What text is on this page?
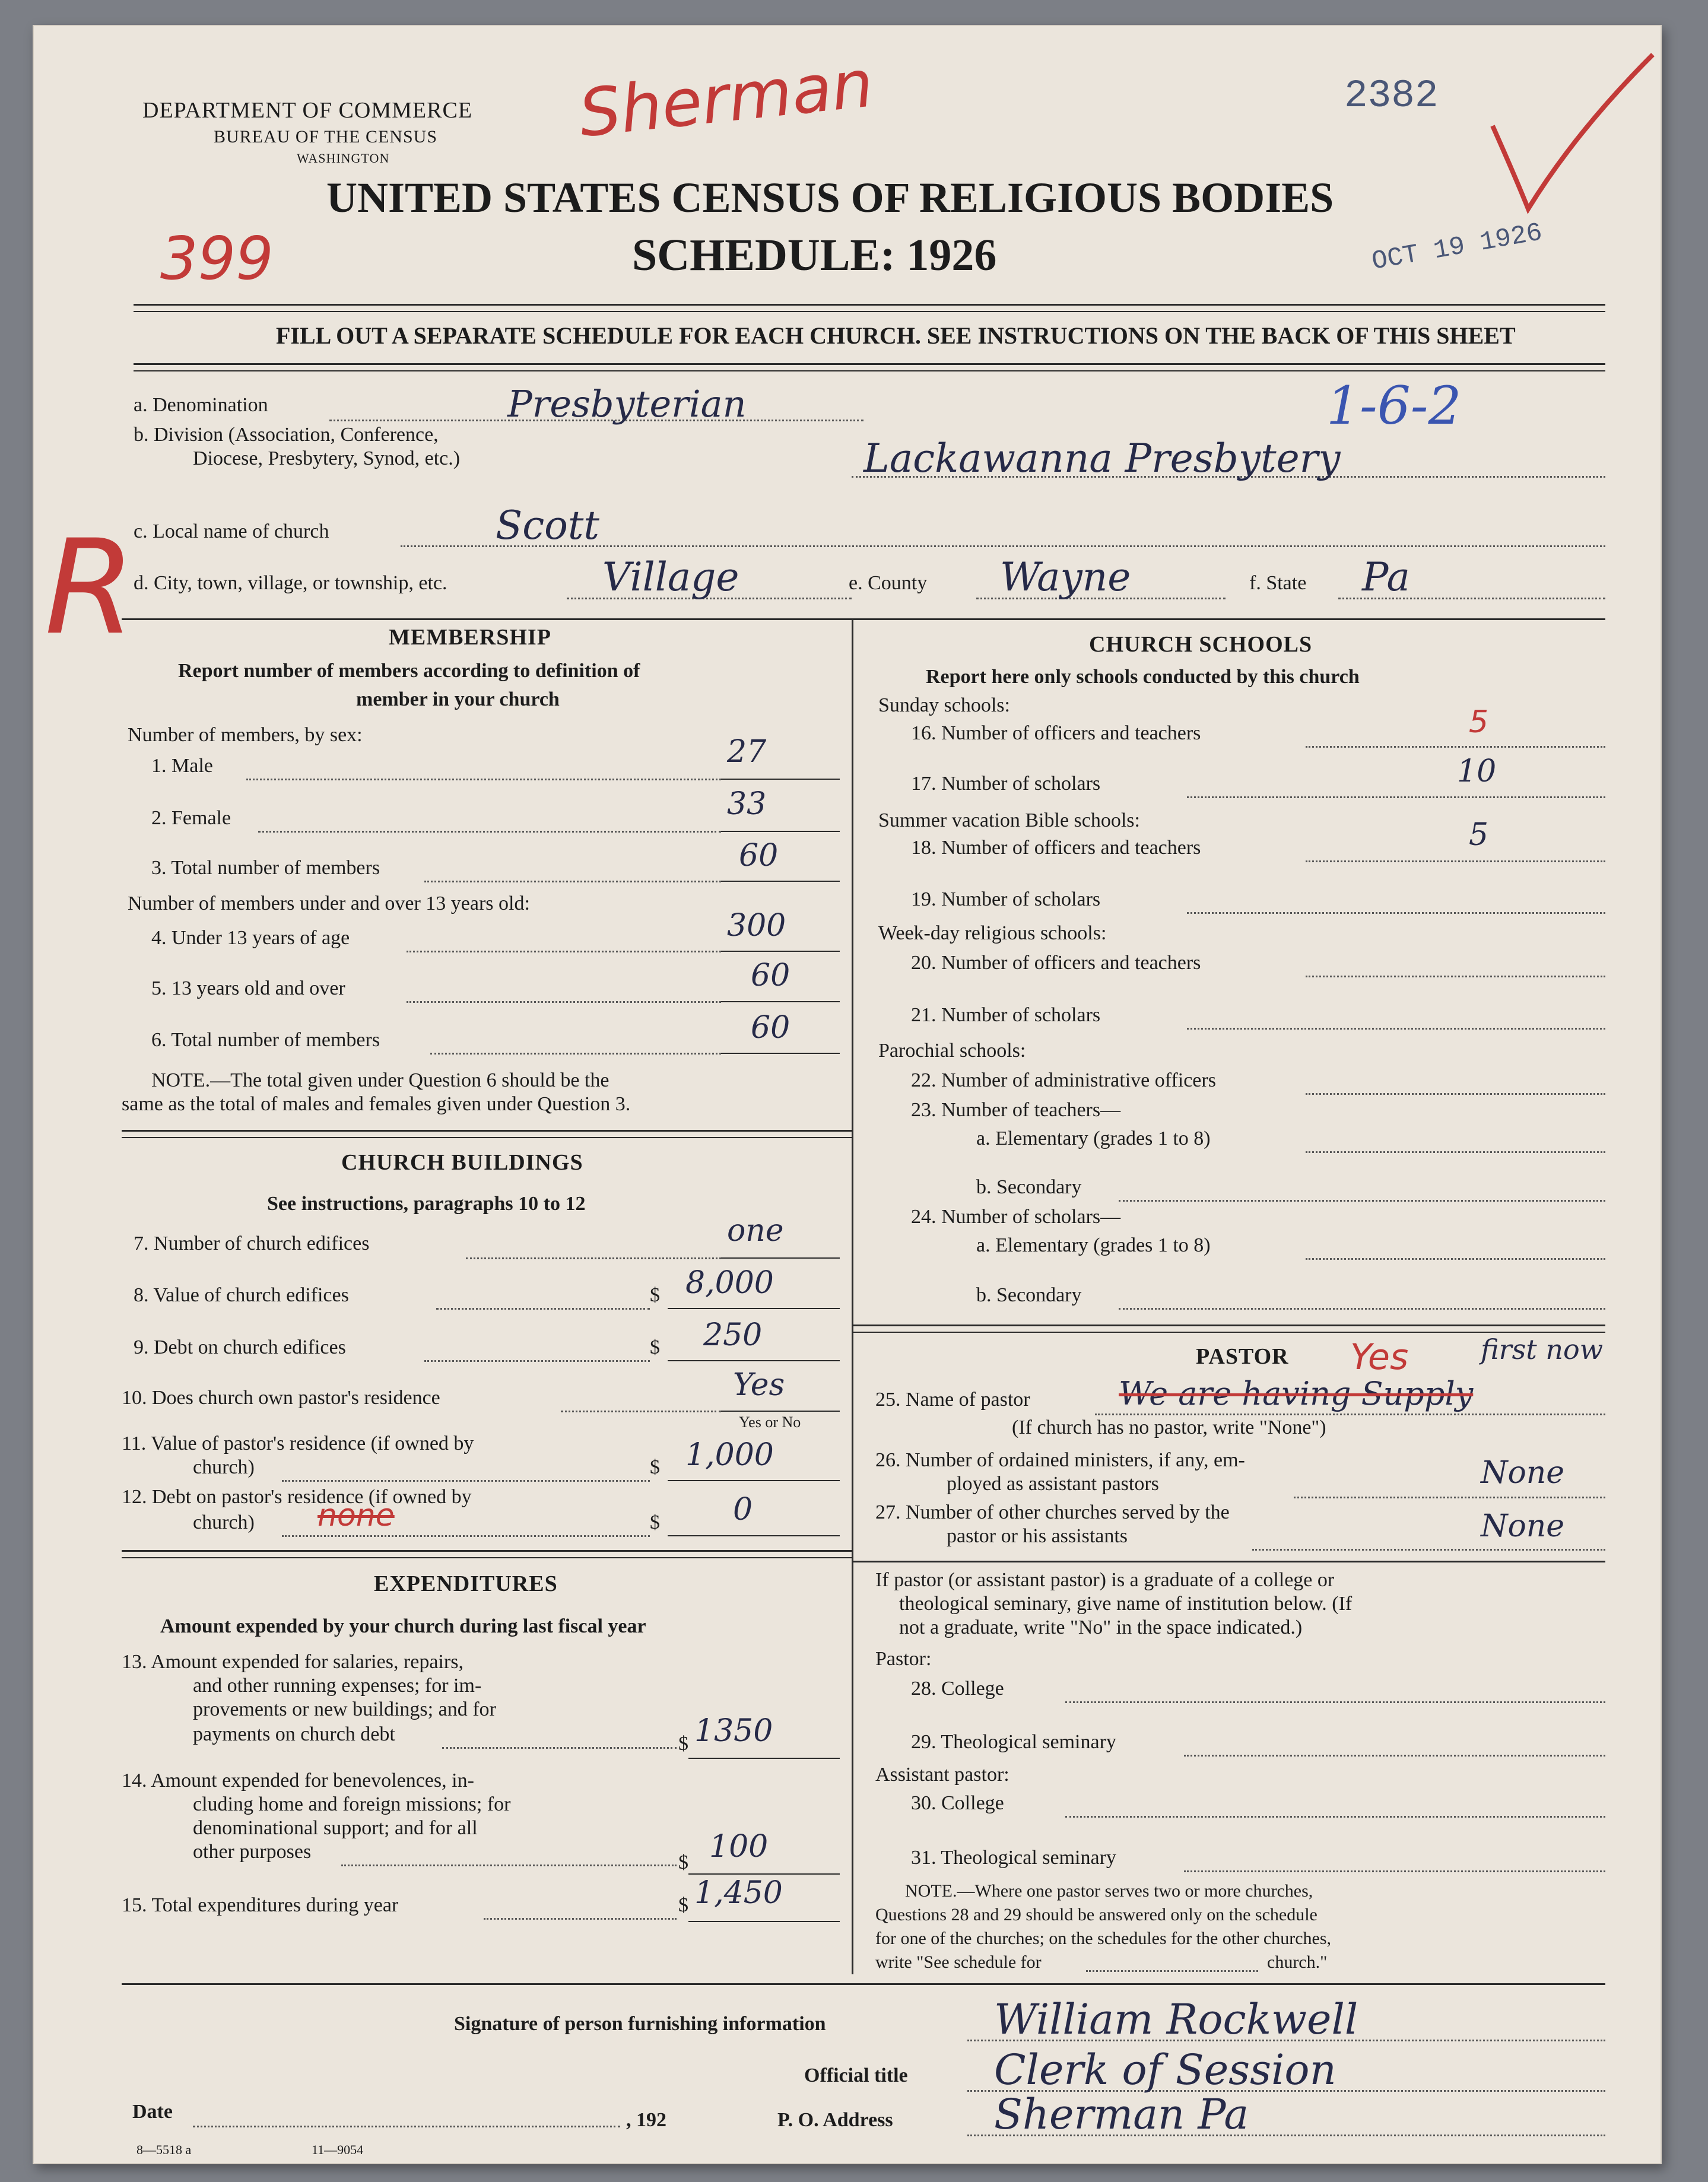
DEPARTMENT OF COMMERCE
BUREAU OF THE CENSUS
WASHINGTON
Sherman	2382
UNITED STATES CENSUS OF RELIGIOUS BODIES
SCHEDULE: 1926
399	OCT 19 1926
FILL OUT A SEPARATE SCHEDULE FOR EACH CHURCH. SEE INSTRUCTIONS ON THE BACK OF THIS SHEET
1-6-2
R
a. Denomination	Presbyterian
b. Division (Association, Conference,
Diocese, Presbytery, Synod, etc.)	Lackawanna Presbytery
c. Local name of church	Scott
d. City, town, village, or township, etc.	Village	e. County Wayne	f. State Pa
MEMBERSHIP
Report number of members according to definition of
member in your church
Number of members, by sex:
1. Male	27
2. Female	33
3. Total number of members	60
Number of members under and over 13 years old:
4. Under 13 years of age	300
5. 13 years old and over	60
6. Total number of members	60
NOTE.—The total given under Question 6 should be the
same as the total of males and females given under Question 3.
CHURCH BUILDINGS
See instructions, paragraphs 10 to 12
7. Number of church edifices	one
8. Value of church edifices	$ 8,000
9. Debt on church edifices	$ 250
10. Does church own pastor's residence	Yes
Yes or No
11. Value of pastor's residence (if owned by
church)	$ 1,000
12. Debt on pastor's residence (if owned by
church) none	$ 0
EXPENDITURES
Amount expended by your church during last fiscal year
13. Amount expended for salaries, repairs,
and other running expenses; for im-
provements or new buildings; and for
payments on church debt	$ 1350
14. Amount expended for benevolences, in-
cluding home and foreign missions; for
denominational support; and for all
other purposes	$ 100
15. Total expenditures during year	$ 1,450
CHURCH SCHOOLS
Report here only schools conducted by this church
Sunday schools:
16. Number of officers and teachers	5
17. Number of scholars	10
Summer vacation Bible schools:
18. Number of officers and teachers	5
19. Number of scholars
Week-day religious schools:
20. Number of officers and teachers
21. Number of scholars
Parochial schools:
22. Number of administrative officers
23. Number of teachers—
a. Elementary (grades 1 to 8)
b. Secondary
24. Number of scholars—
a. Elementary (grades 1 to 8)
b. Secondary
PASTOR
25. Name of pastor	We are having Supply
Yes	first now
(If church has no pastor, write "None")
26. Number of ordained ministers, if any, em-
ployed as assistant pastors	None
27. Number of other churches served by the
pastor or his assistants	None
If pastor (or assistant pastor) is a graduate of a college or
theological seminary, give name of institution below. (If
not a graduate, write "No" in the space indicated.)
Pastor:
28. College
29. Theological seminary
Assistant pastor:
30. College
31. Theological seminary
NOTE.—Where one pastor serves two or more churches,
Questions 28 and 29 should be answered only on the schedule
for one of the churches; on the schedules for the other churches,
write "See schedule for	church."
Signature of person furnishing information	William Rockwell
Official title Clerk of Session
Date	, 192	P. O. Address Sherman Pa
8—5518 a	11—9054
